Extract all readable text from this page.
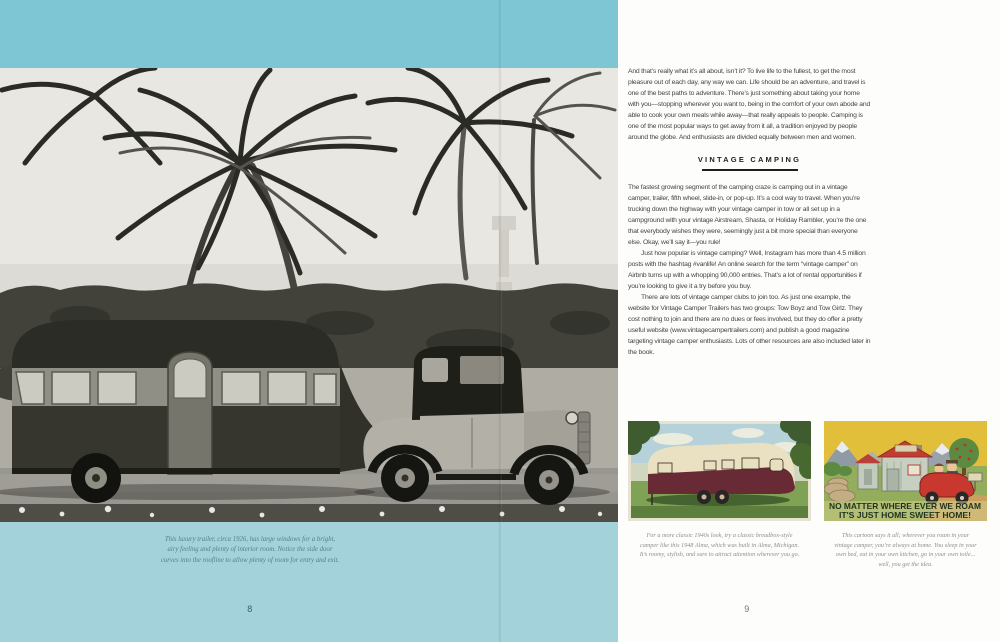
This luxury trailer, circa 1926, has large windows for a bright, airy feeling and plenty of interior room. Notice the side door curves into the roofline to allow plenty of room for entry and exit.
8

And that’s really what it’s all about, isn’t it? To live life to the fullest, to get the most pleasure out of each day, any way we can. Life should be an adventure, and travel is one of the best paths to adventure. There’s just something about taking your home with you—stopping wherever you want to, being in the comfort of your own abode and able to cook your own meals while away—that really appeals to people. Camping is one of the most popular ways to get away from it all, a tradition enjoyed by people around the globe. And enthusiasts are divided equally between men and women.

VINTAGE CAMPING

The fastest growing segment of the camping craze is camping out in a vintage camper, trailer, fifth wheel, slide-in, or pop-up. It’s a cool way to travel. When you’re trucking down the highway with your vintage camper in tow or all set up in a campground with your vintage Airstream, Shasta, or Holiday Rambler, you’re the one that everybody wishes they were, seemingly just a bit more special than everyone else. Okay, we’ll say it—you rule!

Just how popular is vintage camping? Well, Instagram has more than 4.5 million posts with the hashtag #vanlife! An online search for the term “vintage camper” on Airbnb turns up with a whopping 90,000 entries. That’s a lot of rental opportunities if you’re looking to give it a try before you buy.

There are lots of vintage camper clubs to join too. As just one example, the website for Vintage Camper Trailers has two groups: Tow Boyz and Tow Girlz. They cost nothing to join and there are no dues or fees involved, but they do offer a pretty useful website (www.vintagecampertrailers.com) and publish a good magazine targeting vintage camper enthusiasts. Lots of other resources are also included later in the book.

For a more classic 1940s look, try a classic breadbox-style camper like this 1948 Alma, which was built in Alma, Michigan. It’s roomy, stylish, and sure to attract attention wherever you go.
NO MATTER WHERE EVER WE ROAM
IT'S JUST HOME SWEET HOME!
This cartoon says it all; wherever you roam in your vintage camper, you’re always at home. You sleep in your own bed, eat in your own kitchen, go in your own toile... well, you get the idea.
9
